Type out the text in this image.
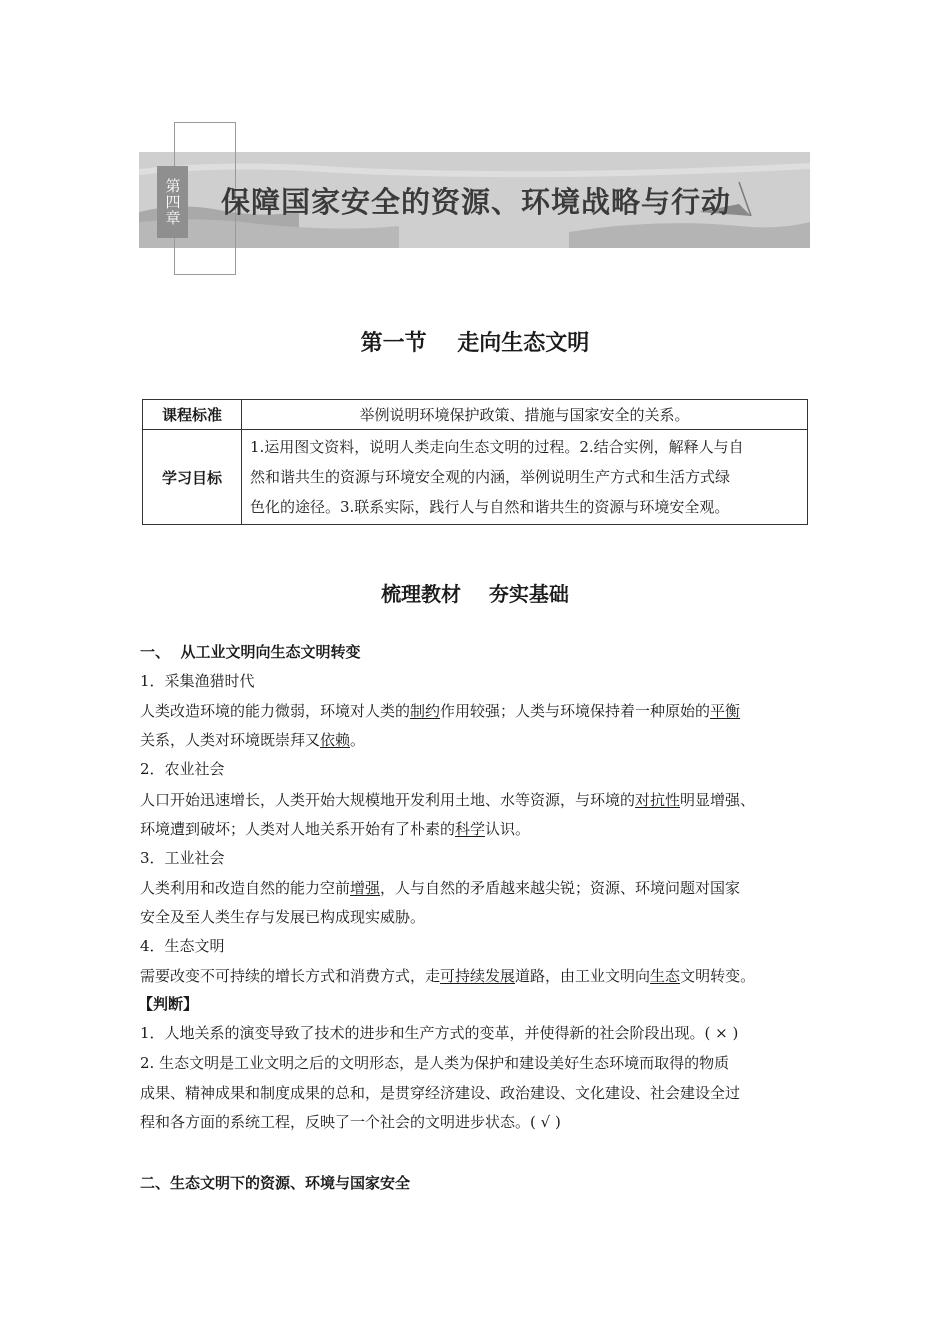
第四章 保障国家安全的资源、环境战略与行动
第一节    走向生态文明
课程标准	举例说明环境保护政策、措施与国家安全的关系。
学习目标	1.运用图文资料，说明人类走向生态文明的过程。2.结合实例，解释人与自
然和谐共生的资源与环境安全观的内涵，举例说明生产方式和生活方式绿
色化的途径。3.联系实际，践行人与自然和谐共生的资源与环境安全观。
梳理教材    夯实基础
一、  从工业文明向生态文明转变
1．采集渔猎时代
人类改造环境的能力微弱，环境对人类的制约作用较强；人类与环境保持着一种原始的平衡
关系，人类对环境既崇拜又依赖。
2．农业社会
人口开始迅速增长，人类开始大规模地开发利用土地、水等资源，与环境的对抗性明显增强、
环境遭到破坏；人类对人地关系开始有了朴素的科学认识。
3．工业社会
人类利用和改造自然的能力空前增强，人与自然的矛盾越来越尖锐；资源、环境问题对国家
安全及至人类生存与发展已构成现实威胁。
4．生态文明
需要改变不可持续的增长方式和消费方式，走可持续发展道路，由工业文明向生态文明转变。
【判断】
1．人地关系的演变导致了技术的进步和生产方式的变革，并使得新的社会阶段出现。( × )
2. 生态文明是工业文明之后的文明形态，是人类为保护和建设美好生态环境而取得的物质
成果、精神成果和制度成果的总和，是贯穿经济建设、政治建设、文化建设、社会建设全过
程和各方面的系统工程，反映了一个社会的文明进步状态。( √ )
二、生态文明下的资源、环境与国家安全
